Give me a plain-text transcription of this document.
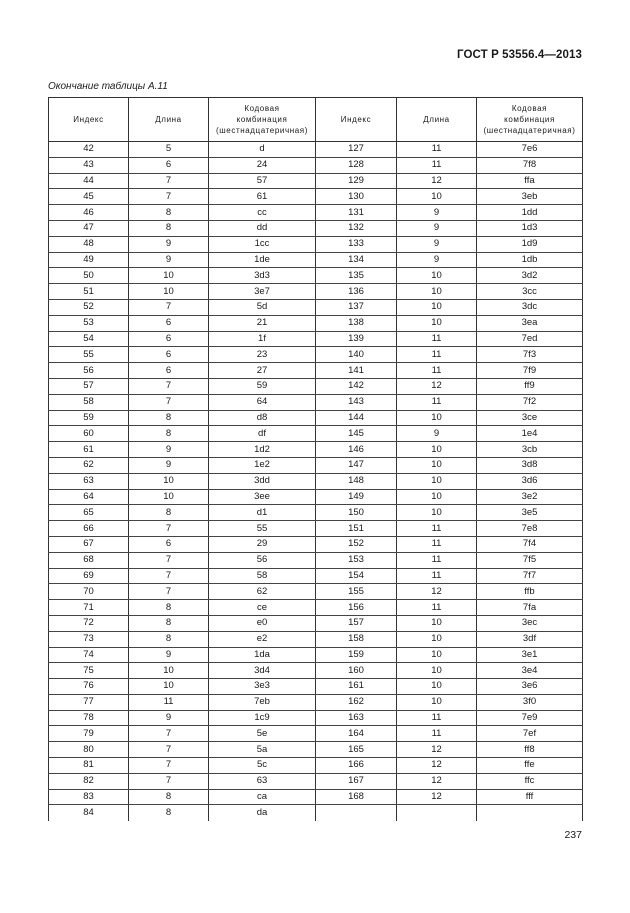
ГОСТ Р 53556.4—2013
Окончание таблицы А.11
Индекс	Длина	Кодовая
комбинация
(шестнадцатеричная)	Индекс	Длина	Кодовая
комбинация
(шестнадцатеричная)

42	5	d	127	11	7e6
43	6	24	128	11	7f8
44	7	57	129	12	ffa
45	7	61	130	10	3eb
46	8	cc	131	9	1dd
47	8	dd	132	9	1d3
48	9	1cc	133	9	1d9
49	9	1de	134	9	1db
50	10	3d3	135	10	3d2
51	10	3e7	136	10	3cc
52	7	5d	137	10	3dc
53	6	21	138	10	3ea
54	6	1f	139	11	7ed
55	6	23	140	11	7f3
56	6	27	141	11	7f9
57	7	59	142	12	ff9
58	7	64	143	11	7f2
59	8	d8	144	10	3ce
60	8	df	145	9	1e4
61	9	1d2	146	10	3cb
62	9	1e2	147	10	3d8
63	10	3dd	148	10	3d6
64	10	3ee	149	10	3e2
65	8	d1	150	10	3e5
66	7	55	151	11	7e8
67	6	29	152	11	7f4
68	7	56	153	11	7f5
69	7	58	154	11	7f7
70	7	62	155	12	ffb
71	8	ce	156	11	7fa
72	8	e0	157	10	3ec
73	8	e2	158	10	3df
74	9	1da	159	10	3e1
75	10	3d4	160	10	3e4
76	10	3e3	161	10	3e6
77	11	7eb	162	10	3f0
78	9	1c9	163	11	7e9
79	7	5e	164	11	7ef
80	7	5a	165	12	ff8
81	7	5c	166	12	ffe
82	7	63	167	12	ffc
83	8	ca	168	12	fff
84	8	da			
237
